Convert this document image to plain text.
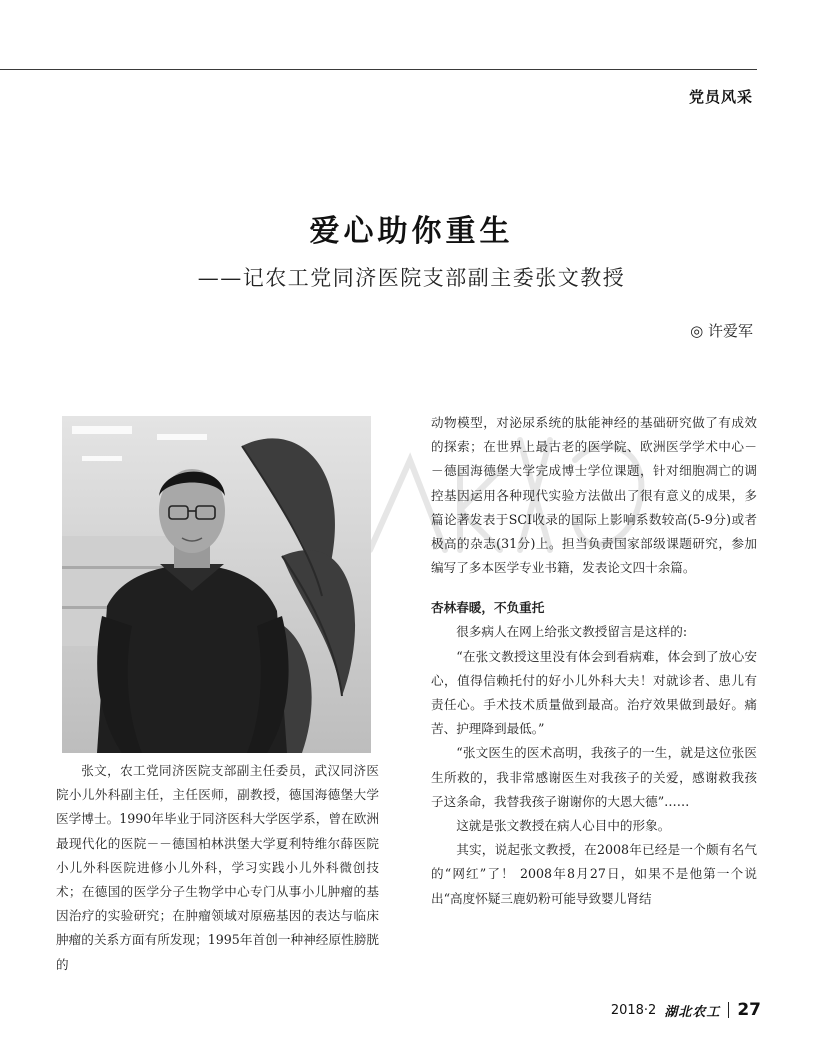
党员风采
爱心助你重生
——记农工党同济医院支部副主委张文教授
◎ 许爱军

张文，农工党同济医院支部副主任委员，武汉同济医院小儿外科副主任，主任医师，副教授，德国海德堡大学医学博士。1990年毕业于同济医科大学医学系，曾在欧洲最现代化的医院－－德国柏林洪堡大学夏利特维尔薛医院小儿外科医院进修小儿外科，学习实践小儿外科微创技术；在德国的医学分子生物学中心专门从事小儿肿瘤的基因治疗的实验研究；在肿瘤领域对原癌基因的表达与临床肿瘤的关系方面有所发现；1995年首创一种神经原性膀胱的

动物模型，对泌尿系统的肽能神经的基础研究做了有成效的探索；在世界上最古老的医学院、欧洲医学学术中心－－德国海德堡大学完成博士学位课题，针对细胞凋亡的调控基因运用各种现代实验方法做出了很有意义的成果，多篇论著发表于SCI收录的国际上影响系数较高(5-9分)或者极高的杂志(31分)上。担当负责国家部级课题研究，参加编写了多本医学专业书籍，发表论文四十余篇。

杏林春暖，不负重托

很多病人在网上给张文教授留言是这样的:

“在张文教授这里没有体会到看病难，体会到了放心安心，值得信赖托付的好小儿外科大夫！对就诊者、患儿有责任心。手术技术质量做到最高。治疗效果做到最好。痛苦、护理降到最低。”

“张文医生的医术高明，我孩子的一生，就是这位张医生所救的，我非常感谢医生对我孩子的关爱，感谢救我孩子这条命，我替我孩子谢谢你的大恩大德”……

这就是张文教授在病人心目中的形象。

其实，说起张文教授，在2008年已经是一个颇有名气的“网红”了！ 2008年8月27日，如果不是他第一个说出“高度怀疑三鹿奶粉可能导致婴儿肾结

2018·2 湖北农工 27
